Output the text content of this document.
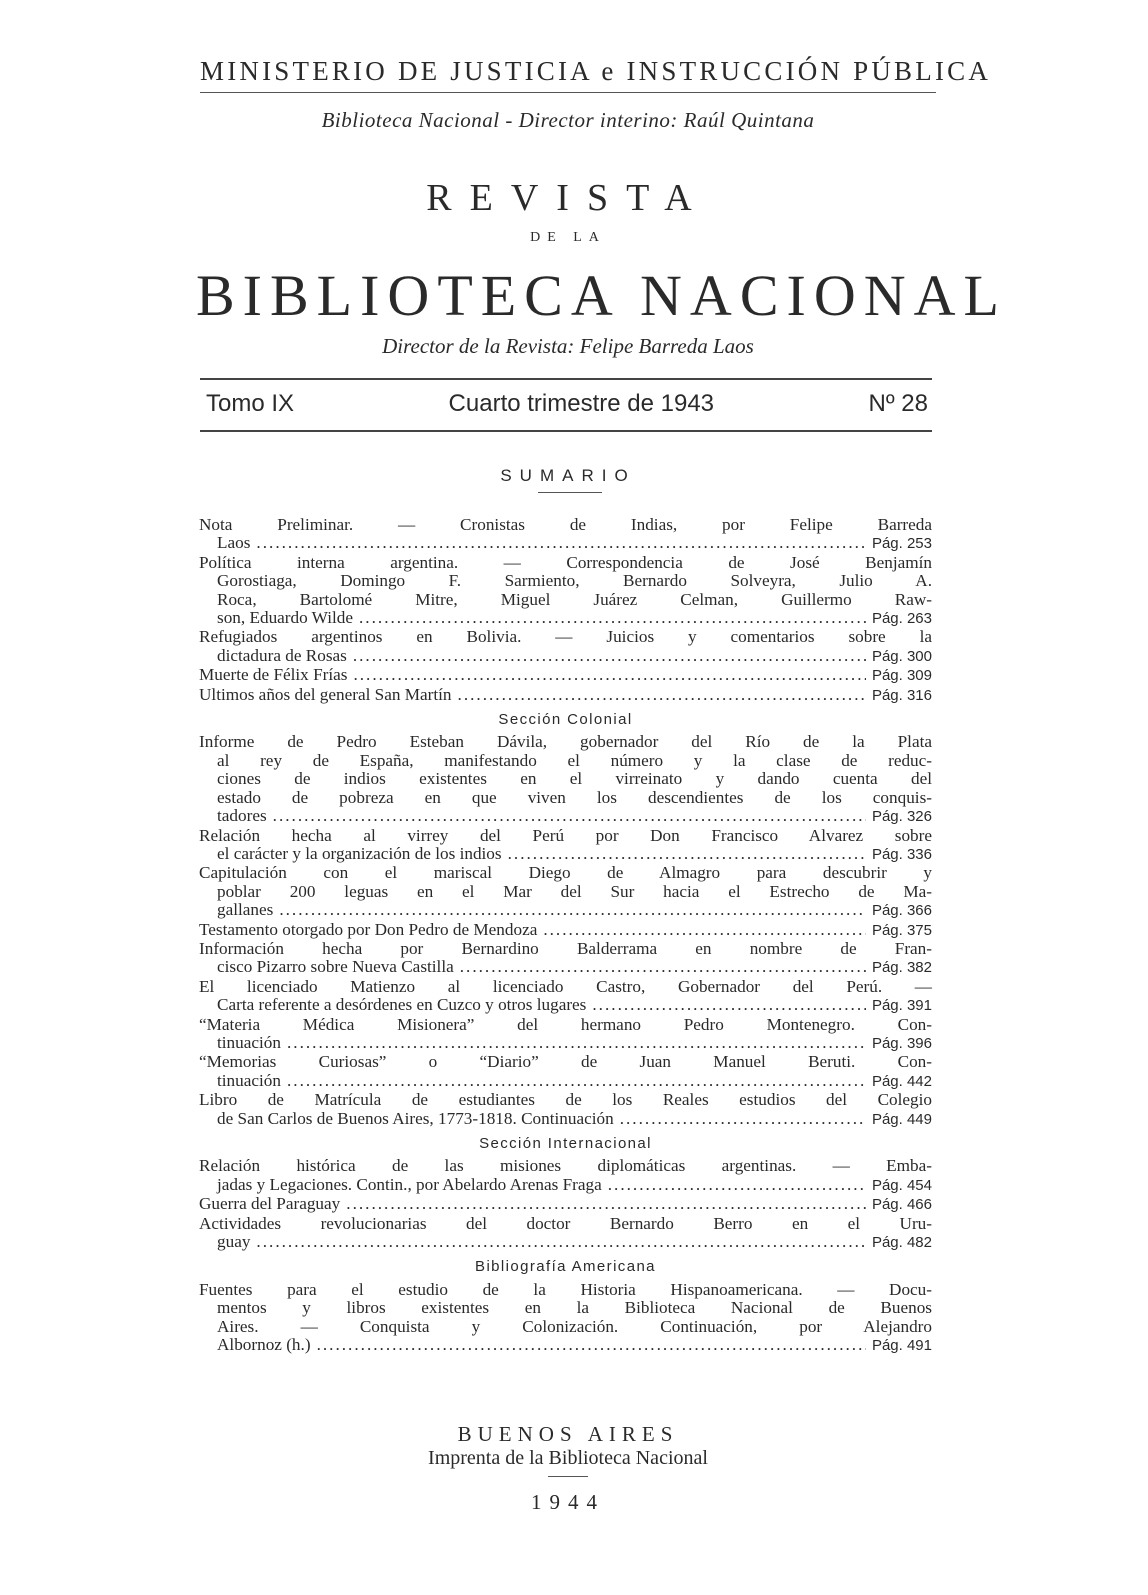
MINISTERIO DE JUSTICIA e INSTRUCCIÓN PÚBLICA
Biblioteca Nacional - Director interino: Raúl Quintana
REVISTA
DE LA
BIBLIOTECA NACIONAL
Director de la Revista: Felipe Barreda Laos
Tomo IX	Cuarto trimestre de 1943	Nº 28
SUMARIO
Nota Preliminar. — Cronistas de Indias, por Felipe Barreda
Laos .....	Pág. 253
Política interna argentina. — Correspondencia de José Benjamín
Gorostiaga, Domingo F. Sarmiento, Bernardo Solveyra, Julio A.
Roca, Bartolomé Mitre, Miguel Juárez Celman, Guillermo Raw-
son, Eduardo Wilde .....	Pág. 263
Refugiados argentinos en Bolivia. — Juicios y comentarios sobre la
dictadura de Rosas .....	Pág. 300
Muerte de Félix Frías .....	Pág. 309
Ultimos años del general San Martín .....	Pág. 316
Sección Colonial
Informe de Pedro Esteban Dávila, gobernador del Río de la Plata
al rey de España, manifestando el número y la clase de reduc-
ciones de indios existentes en el virreinato y dando cuenta del
estado de pobreza en que viven los descendientes de los conquis-
tadores .....	Pág. 326
Relación hecha al virrey del Perú por Don Francisco Alvarez sobre
el carácter y la organización de los indios .....	Pág. 336
Capitulación con el mariscal Diego de Almagro para descubrir y
poblar 200 leguas en el Mar del Sur hacia el Estrecho de Ma-
gallanes .....	Pág. 366
Testamento otorgado por Don Pedro de Mendoza .....	Pág. 375
Información hecha por Bernardino Balderrama en nombre de Fran-
cisco Pizarro sobre Nueva Castilla .....	Pág. 382
El licenciado Matienzo al licenciado Castro, Gobernador del Perú. —
Carta referente a desórdenes en Cuzco y otros lugares .....	Pág. 391
“Materia Médica Misionera” del hermano Pedro Montenegro. Con-
tinuación .....	Pág. 396
“Memorias Curiosas” o “Diario” de Juan Manuel Beruti. Con-
tinuación .....	Pág. 442
Libro de Matrícula de estudiantes de los Reales estudios del Colegio
de San Carlos de Buenos Aires, 1773-1818. Continuación .....	Pág. 449
Sección Internacional
Relación histórica de las misiones diplomáticas argentinas. — Emba-
jadas y Legaciones. Contin., por Abelardo Arenas Fraga .....	Pág. 454
Guerra del Paraguay .....	Pág. 466
Actividades revolucionarias del doctor Bernardo Berro en el Uru-
guay .....	Pág. 482
Bibliografía Americana
Fuentes para el estudio de la Historia Hispanoamericana. — Docu-
mentos y libros existentes en la Biblioteca Nacional de Buenos
Aires. — Conquista y Colonización. Continuación, por Alejandro
Albornoz (h.) .....	Pág. 491
BUENOS AIRES
Imprenta de la Biblioteca Nacional
1944
